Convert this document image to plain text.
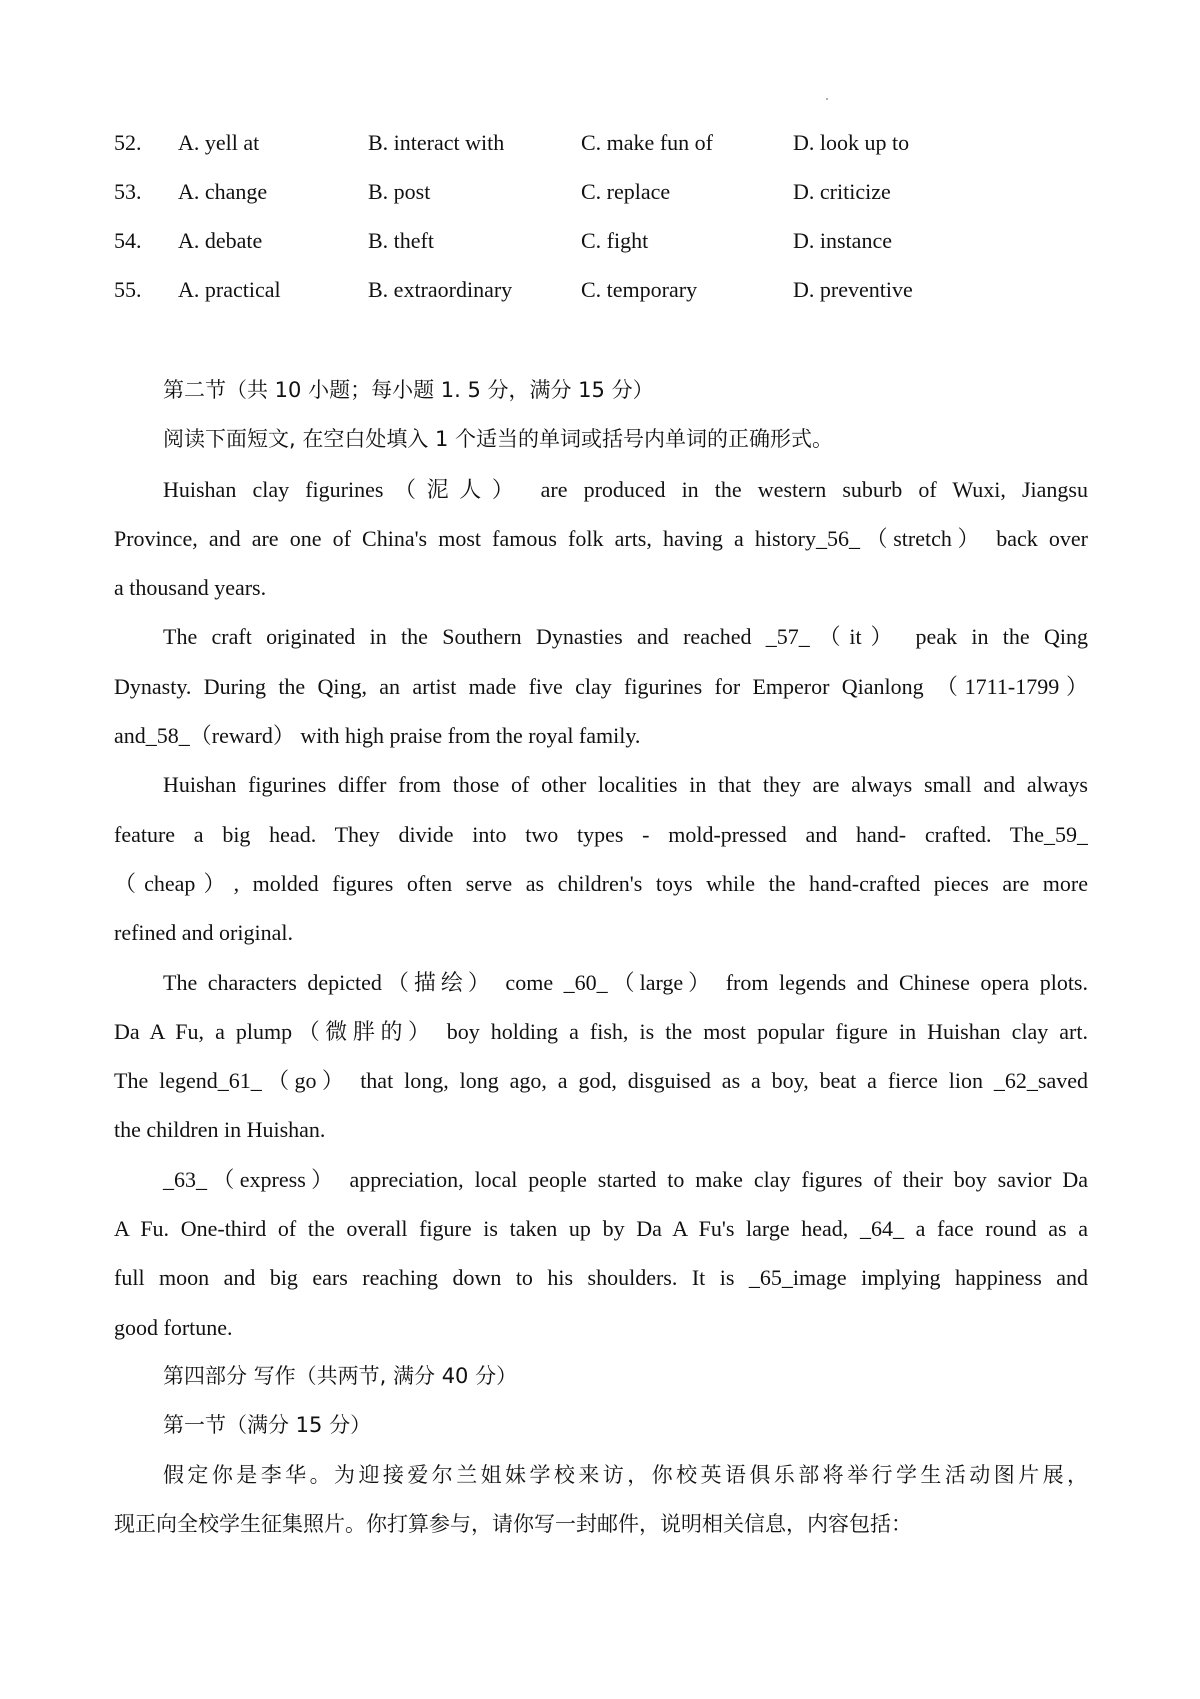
52. A. yell at	B. interact with	C. make fun of	D. look up to
53. A. change	B. post	C. replace	D. criticize
54. A. debate	B. theft	C. fight	D. instance
55. A. practical	B. extraordinary	C. temporary	D. preventive
第二节（共 10 小题；每小题 1. 5 分，满分 15 分）
阅读下面短文, 在空白处填入 1 个适当的单词或括号内单词的正确形式。
Huishan clay figurines（泥人） are produced in the western suburb of Wuxi, Jiangsu
Province, and are one of China's most famous folk arts, having a history_56_（stretch） back over
a thousand years.
The craft originated in the Southern Dynasties and reached _57_（it） peak in the Qing
Dynasty. During the Qing, an artist made five clay figurines for Emperor Qianlong （1711-1799）
and_58_（reward） with high praise from the royal family.
Huishan figurines differ from those of other localities in that they are always small and always
feature a big head. They divide into two types - mold-pressed and hand- crafted. The_59_
（cheap）, molded figures often serve as children's toys while the hand-crafted pieces are more
refined and original.
The characters depicted（描绘） come _60_（large） from legends and Chinese opera plots.
Da A Fu, a plump（微胖的） boy holding a fish, is the most popular figure in Huishan clay art.
The legend_61_（go） that long, long ago, a god, disguised as a boy, beat a fierce lion _62_saved
the children in Huishan.
_63_（express） appreciation, local people started to make clay figures of their boy savior Da
A Fu. One-third of the overall figure is taken up by Da A Fu's large head, _64_ a face round as a
full moon and big ears reaching down to his shoulders. It is _65_image implying happiness and
good fortune.
第四部分 写作（共两节, 满分 40 分）
第一节（满分 15 分）
假定你是李华。为迎接爱尔兰姐妹学校来访，你校英语俱乐部将举行学生活动图片展，
现正向全校学生征集照片。你打算参与，请你写一封邮件，说明相关信息，内容包括：
